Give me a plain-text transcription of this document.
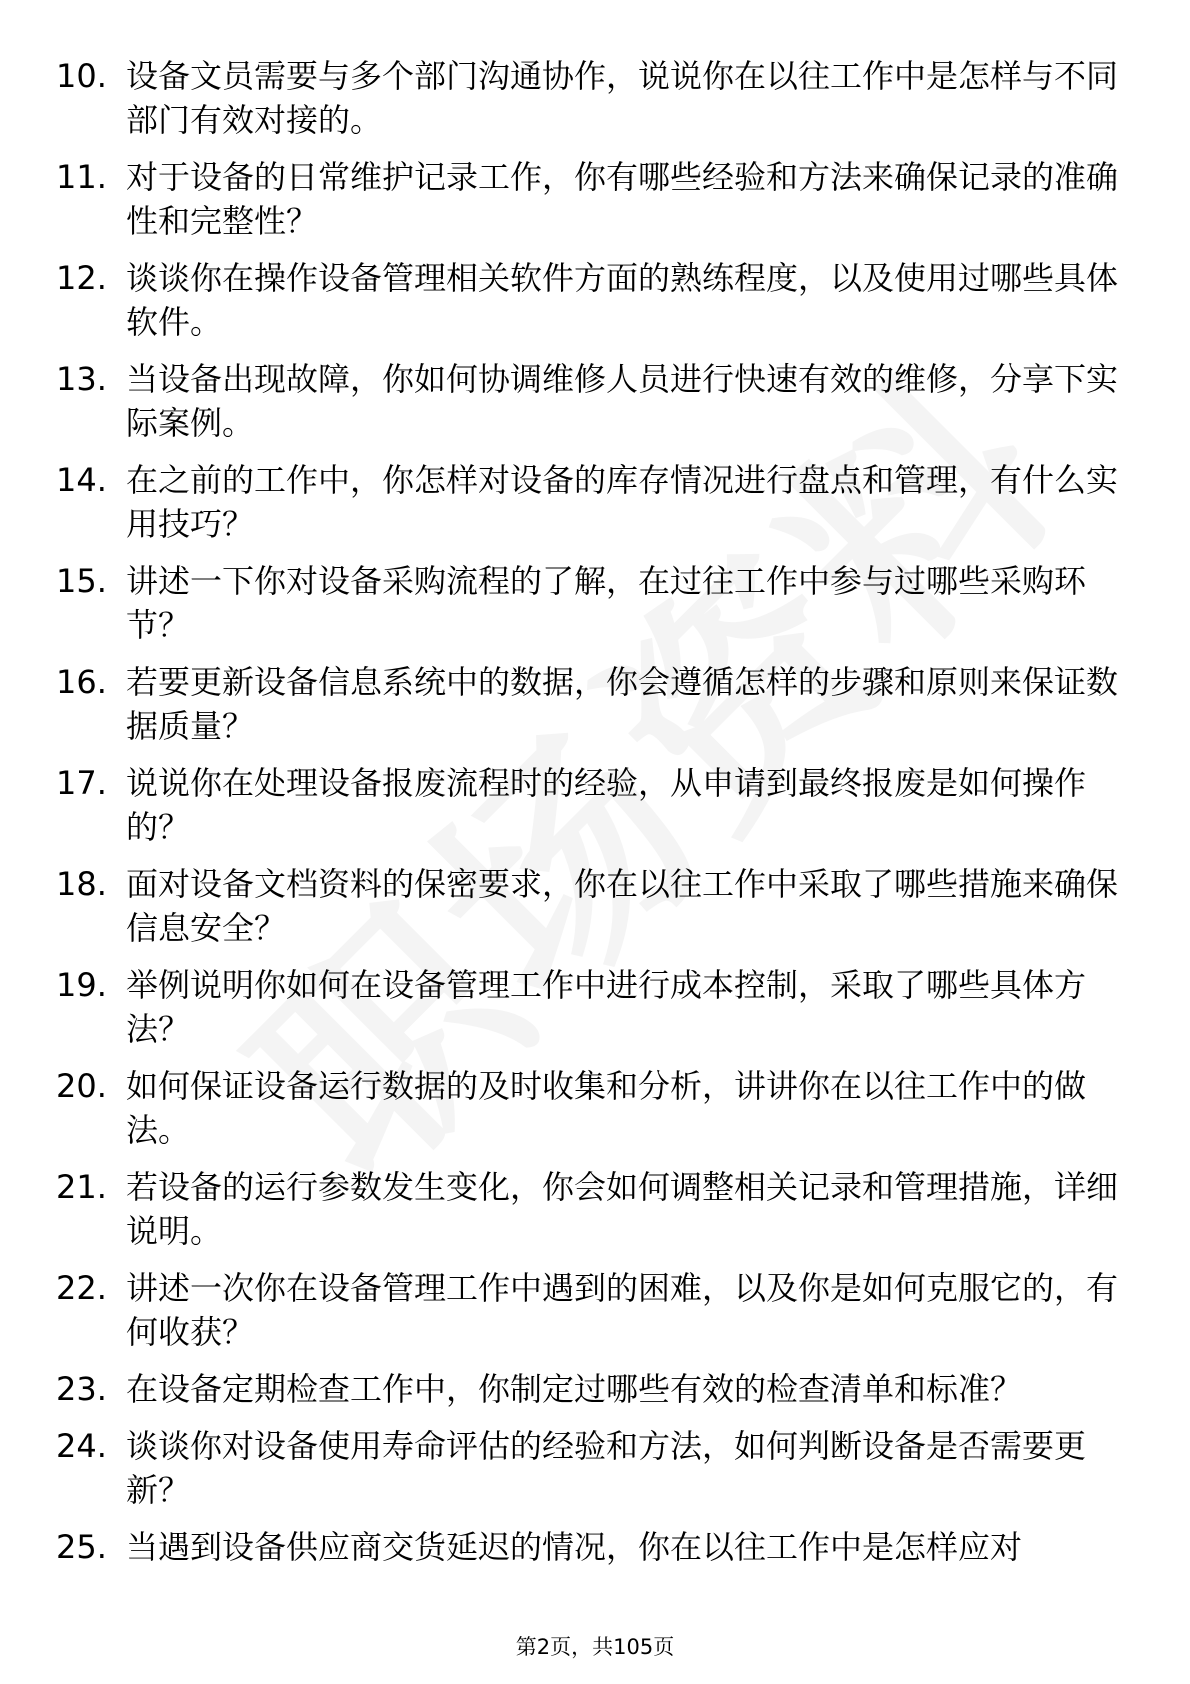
10. 设备文员需要与多个部门沟通协作，说说你在以往工作中是怎样与不同部门有效对接的。
11. 对于设备的日常维护记录工作，你有哪些经验和方法来确保记录的准确性和完整性？
12. 谈谈你在操作设备管理相关软件方面的熟练程度，以及使用过哪些具体软件。
13. 当设备出现故障，你如何协调维修人员进行快速有效的维修，分享下实际案例。
14. 在之前的工作中，你怎样对设备的库存情况进行盘点和管理，有什么实用技巧？
15. 讲述一下你对设备采购流程的了解，在过往工作中参与过哪些采购环节？
16. 若要更新设备信息系统中的数据，你会遵循怎样的步骤和原则来保证数据质量？
17. 说说你在处理设备报废流程时的经验，从申请到最终报废是如何操作的？
18. 面对设备文档资料的保密要求，你在以往工作中采取了哪些措施来确保信息安全？
19. 举例说明你如何在设备管理工作中进行成本控制，采取了哪些具体方法？
20. 如何保证设备运行数据的及时收集和分析，讲讲你在以往工作中的做法。
21. 若设备的运行参数发生变化，你会如何调整相关记录和管理措施，详细说明。
22. 讲述一次你在设备管理工作中遇到的困难，以及你是如何克服它的，有何收获？
23. 在设备定期检查工作中，你制定过哪些有效的检查清单和标准？
24. 谈谈你对设备使用寿命评估的经验和方法，如何判断设备是否需要更新？
25. 当遇到设备供应商交货延迟的情况，你在以往工作中是怎样应对
第2页，共105页
